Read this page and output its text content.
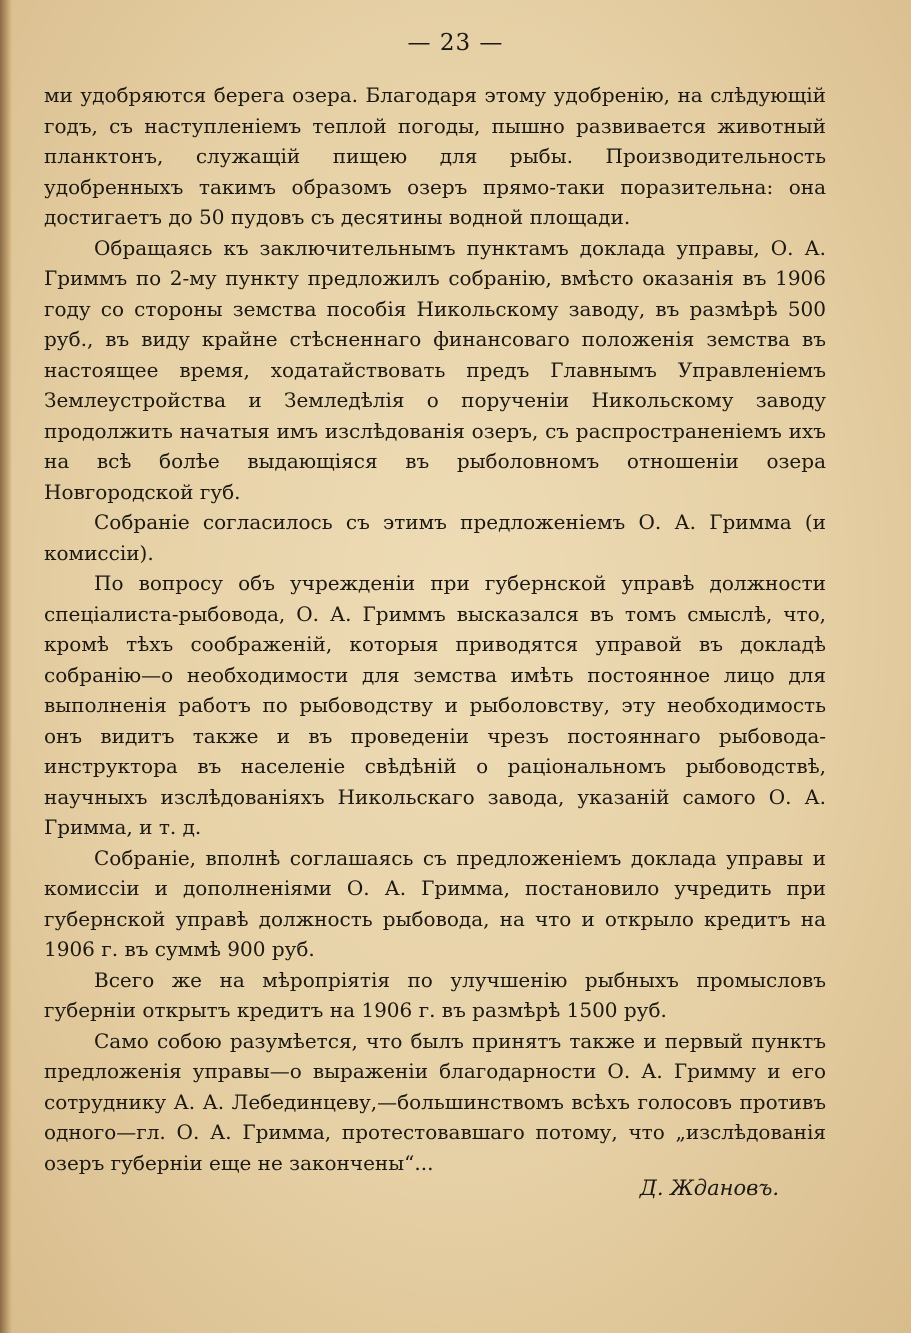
— 23 —

ми удобряются берега озера. Благодаря этому удобренію, на слѣдующій годъ, съ наступленіемъ теплой погоды, пышно развивается животный планктонъ, служащій пищею для рыбы. Производительность удобренныхъ такимъ образомъ озеръ прямо-таки поразительна: она достигаетъ до 50 пудовъ съ десятины водной площади.

Обращаясь къ заключительнымъ пунктамъ доклада управы, О. А. Гриммъ по 2-му пункту предложилъ собранію, вмѣсто оказанія въ 1906 году со стороны земства пособія Никольскому заводу, въ размѣрѣ 500 руб., въ виду крайне стѣсненнаго финансоваго положенія земства въ настоящее время, ходатайствовать предъ Главнымъ Управленіемъ Землеустройства и Земледѣлія о порученіи Никольскому заводу продолжить начатыя имъ изслѣдованія озеръ, съ распространеніемъ ихъ на всѣ болѣе выдающіяся въ рыболовномъ отношеніи озера Новгородской губ.

Собраніе согласилось съ этимъ предложеніемъ О. А. Гримма (и комиссіи).

По вопросу объ учрежденіи при губернской управѣ должности спеціалиста-рыбовода, О. А. Гриммъ высказался въ томъ смыслѣ, что, кромѣ тѣхъ соображеній, которыя приводятся управой въ докладѣ собранію—о необходимости для земства имѣть постоянное лицо для выполненія работъ по рыбоводству и рыболовству, эту необходимость онъ видитъ также и въ проведеніи чрезъ постояннаго рыбовода-инструктора въ населеніе свѣдѣній о раціональномъ рыбоводствѣ, научныхъ изслѣдованіяхъ Никольскаго завода, указаній самого О. А. Гримма, и т. д.

Собраніе, вполнѣ соглашаясь съ предложеніемъ доклада управы и комиссіи и дополненіями О. А. Гримма, постановило учредить при губернской управѣ должность рыбовода, на что и открыло кредитъ на 1906 г. въ суммѣ 900 руб.

Всего же на мѣропріятія по улучшенію рыбныхъ промысловъ губерніи открытъ кредитъ на 1906 г. въ размѣрѣ 1500 руб.

Само собою разумѣется, что былъ принятъ также и первый пунктъ предложенія управы—о выраженіи благодарности О. А. Гримму и его сотруднику А. А. Лебединцеву,—большинствомъ всѣхъ голосовъ противъ одного—гл. О. А. Гримма, протестовавшаго потому, что „изслѣдованія озеръ губерніи еще не закончены“...

Д. Ждановъ.
